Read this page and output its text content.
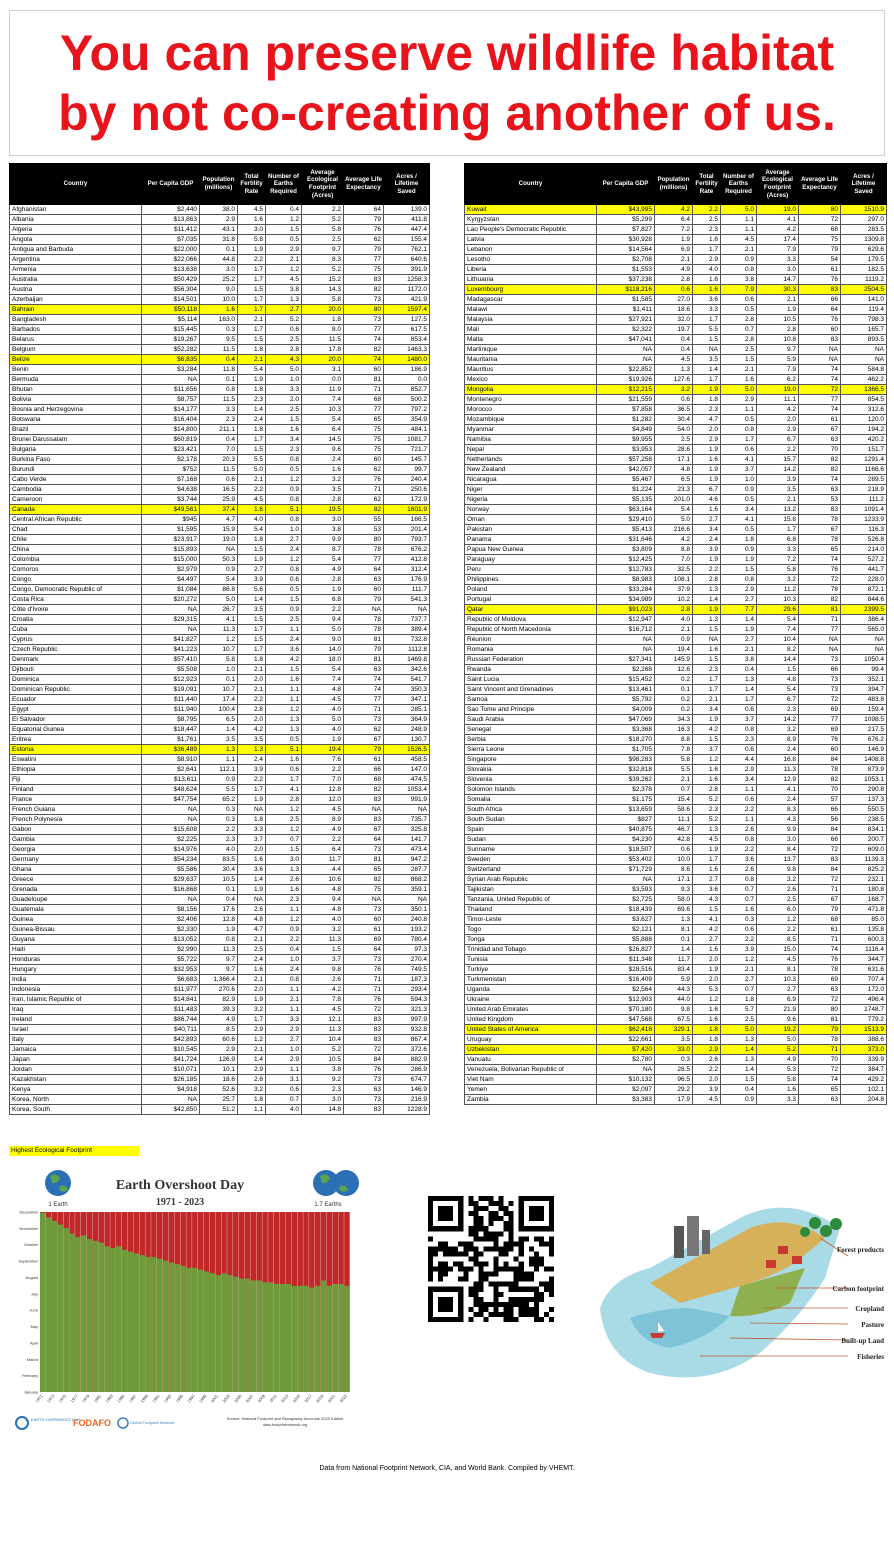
You can preserve wildlife habitat by not co-creating another of us.
Country	Per Capita GDP	Population (millions)	Total Fertility Rate	Number of Earths Required	Average Ecological Footprint (Acres)	Average Life Expectancy	Acres / Lifetime Saved
Afghanistan	$2,440	38.0	4.5	0.4	2.2	64	139.0
Albania	$13,863	2.9	1.6	1.2	5.2	79	411.8
Algeria	$11,412	43.1	3.0	1.5	5.8	76	447.4
Angola	$7,035	31.8	5.8	0.5	2.5	62	155.4
Antigua and Barbuda	$22,000	0.1	1.9	2.9	9.7	79	762.1
Argentina	$22,066	44.8	2.2	2.1	8.3	77	640.6
Armenia	$13,638	3.0	1.7	1.2	5.2	75	391.9
Australia	$50,429	25.2	1.7	4.5	15.2	83	1258.3
Austria	$56,304	9.0	1.5	3.8	14.3	82	1172.0
Azerbaijan	$14,501	10.0	1.7	1.3	5.8	73	421.9
Bahrain	$50,118	1.6	1.7	2.7	20.0	80	1597.4
Bangladesh	$5,114	163.0	2.1	5.2	1.8	73	127.5
Barbados	$15,445	0.3	1.7	0.6	8.0	77	617.5
Belarus	$19,267	9.5	1.5	2.5	11.5	74	853.4
Belgium	$52,282	11.5	1.8	2.8	17.8	82	1463.3
Belize	$6,835	0.4	2.1	4.3	20.0	74	1480.0
Benin	$3,284	11.8	5.4	5.0	3.1	60	186.9
Bermuda	NA	0.1	1.9	1.0	0.0	81	0.0
Bhutan	$11,656	0.8	1.8	3.3	11.9	71	852.7
Bolivia	$8,757	11.5	2.3	2.0	7.4	68	500.2
Bosnia and Herzegovina	$14,177	3.3	1.4	2.5	10.3	77	797.2
Botswana	$16,404	2.3	2.4	1.5	5.4	65	354.9
Brazil	$14,800	211.1	1.8	1.6	6.4	75	484.1
Brunei Darussalam	$60,819	0.4	1.7	3.4	14.5	75	1081.7
Bulgaria	$23,421	7.0	1.5	2.3	9.6	75	721.7
Burkina Faso	$2,178	20.3	5.5	0.8	2.4	60	145.7
Burundi	$752	11.5	5.0	0.5	1.6	62	99.7
Cabo Verde	$7,168	0.6	2.1	1.2	3.2	76	240.4
Cambodia	$4,638	16.5	2.2	0.9	3.5	71	250.6
Cameroon	$3,744	25.9	4.5	0.8	2.8	62	172.9
Canada	$49,561	37.4	1.6	5.1	19.5	82	1601.9
Central African Republic	$945	4.7	4.0	0.8	3.0	55	166.5
Chad	$1,595	15.9	5.4	1.0	3.8	53	201.4
Chile	$23,917	19.0	1.8	2.7	9.9	80	793.7
China	$15,893	NA	1.5	2.4	8.7	78	676.2
Colombia	$15,000	50.3	1.9	1.2	5.4	77	412.8
Comoros	$2,979	0.9	2.7	0.8	4.9	64	312.4
Congo	$4,497	5.4	3.9	0.6	2.8	63	176.9
Congo, Democratic Republic of	$1,084	86.8	5.6	0.5	1.9	60	111.7
Costa Rica	$20,272	5.0	1.4	1.5	6.8	79	541.3
Côte d'Ivoire	NA	26.7	3.5	0.9	2.2	NA	NA
Croatia	$29,315	4.1	1.5	2.5	9.4	78	737.7
Cuba	NA	11.3	1.7	1.1	5.0	78	389.4
Cyprus	$41,827	1.2	1.5	2.4	9.0	81	732.8
Czech Republic	$41,223	10.7	1.7	3.6	14.0	79	1112.8
Denmark	$57,410	5.8	1.8	4.2	18.0	81	1469.8
Djibouti	$5,508	1.0	2.1	1.5	5.4	63	342.6
Dominica	$12,923	0.1	2.0	1.6	7.4	74	541.7
Dominican Republic	$19,091	10.7	2.1	1.1	4.8	74	350.3
Ecuador	$11,440	17.4	2.2	1.1	4.5	77	347.1
Egypt	$11,940	100.4	2.8	1.2	4.0	71	285.1
El Salvador	$8,795	6.5	2.0	1.3	5.0	73	364.9
Equatorial Guinea	$18,447	1.4	4.2	1.3	4.0	62	248.9
Eritrea	$1,761	3.5	3.5	0.5	1.9	67	130.7
Estonia	$36,489	1.3	1.3	5.1	19.4	79	1526.5
Eswatini	$8,910	1.1	2.4	1.6	7.6	61	458.5
Ethiopia	$2,641	112.1	3.9	0.6	2.2	66	147.0
Fiji	$13,611	0.9	2.2	1.7	7.0	68	474.5
Finland	$48,624	5.5	1.7	4.1	12.8	82	1053.4
France	$47,754	65.2	1.9	2.8	12.0	83	991.9
French Guiana	NA	0.3	NA	1.2	4.5	NA	NA
French Polynesia	NA	0.3	1.8	2.5	8.9	83	735.7
Gabon	$15,608	2.2	3.3	1.2	4.9	67	325.8
Gambia	$2,225	2.3	3.7	0.7	2.2	64	141.7
Georgia	$14,976	4.0	2.0	1.5	6.4	73	473.4
Germany	$54,234	83.5	1.6	3.0	11.7	81	947.2
Ghana	$5,586	30.4	3.6	1.3	4.4	65	287.7
Greece	$29,637	10.5	1.4	2.6	10.6	82	868.2
Grenada	$16,868	0.1	1.9	1.6	4.8	75	359.1
Guadeloupe	NA	0.4	NA	2.3	9.4	NA	NA
Guatemala	$8,156	17.6	2.6	1.1	4.8	73	350.1
Guinea	$2,406	12.8	4.8	1.2	4.0	60	240.8
Guinea-Bissau	$2,330	1.9	4.7	0.9	3.2	61	193.2
Guyana	$13,052	0.8	2.1	2.2	11.3	69	780.4
Haiti	$2,990	11.3	2.5	0.4	1.5	64	97.3
Honduras	$5,722	9.7	2.4	1.0	3.7	73	270.4
Hungary	$32,953	9.7	1.6	2.4	9.8	76	749.5
India	$6,683	1,366.4	2.1	0.8	2.6	71	187.3
Indonesia	$11,977	270.6	2.0	1.1	4.2	71	293.4
Iran, Islamic Republic of	$14,841	82.9	1.9	2.1	7.8	76	594.3
Iraq	$11,483	39.3	3.2	1.1	4.5	72	321.3
Ireland	$86,744	4.9	1.7	3.3	12.1	83	997.9
Israel	$40,711	8.5	2.9	2.9	11.3	83	932.8
Italy	$42,893	60.6	1.2	2.7	10.4	83	867.4
Jamaica	$10,545	2.9	2.1	1.0	5.2	72	372.6
Japan	$41,724	126.9	1.4	2.9	10.5	84	882.9
Jordan	$10,071	10.1	2.9	1.1	3.8	76	286.9
Kazakhstan	$26,185	18.6	2.6	3.1	9.2	73	674.7
Kenya	$4,918	52.6	3.2	0.6	2.3	63	146.9
Korea, North	NA	25.7	1.8	0.7	3.0	73	216.9
Korea, South	$42,850	51.2	1.1	4.0	14.8	83	1228.9
Country	Per Capita GDP	Population (millions)	Total Fertility Rate	Number of Earths Required	Average Ecological Footprint (Acres)	Average Life Expectancy	Acres / Lifetime Saved
Kuwait	$43,995	4.2	2.2	5.0	19.0	80	1510.9
Kyrgyzstan	$5,299	6.4	2.5	1.1	4.1	72	297.0
Lao People's Democratic Republic	$7,827	7.2	2.3	1.1	4.2	68	283.5
Latvia	$30,928	1.9	1.6	4.5	17.4	75	1309.8
Lebanon	$14,564	6.9	1.7	2.1	7.9	79	629.6
Lesotho	$2,708	2.1	2.9	0.9	3.3	54	179.5
Liberia	$1,553	4.9	4.0	0.8	3.0	61	182.5
Lithuania	$37,238	2.8	1.6	3.8	14.7	76	1119.2
Luxembourg	$118,216	0.6	1.6	7.9	30.3	83	2504.5
Madagascar	$1,585	27.0	3.6	0.6	2.1	66	141.0
Malawi	$1,411	18.6	3.3	0.5	1.9	64	119.4
Malaysia	$27,921	32.0	1.7	2.8	10.5	76	798.3
Mali	$2,322	19.7	5.5	0.7	2.8	60	165.7
Malta	$47,041	0.4	1.5	2.8	10.8	83	893.5
Martinique	NA	0.4	NA	2.5	9.7	NA	NA
Mauritania	NA	4.5	3.5	1.5	5.9	NA	NA
Mauritius	$22,852	1.3	1.4	2.1	7.9	74	584.8
Mexico	$19,926	127.6	1.7	1.6	6.2	74	462.2
Mongolia	$12,215	3.2	1.9	5.0	19.0	72	1366.5
Montenegro	$21,559	0.6	1.8	2.9	11.1	77	854.5
Morocco	$7,858	36.5	2.3	1.1	4.2	74	312.6
Mozambique	$1,282	30.4	4.7	0.5	2.0	61	120.0
Myanmar	$4,849	54.0	2.0	0.8	2.9	67	194.2
Namibia	$9,955	2.5	2.9	1.7	6.7	63	420.2
Nepal	$3,953	28.6	1.9	0.6	2.2	70	151.7
Netherlands	$57,258	17.1	1.6	4.1	15.7	82	1291.4
New Zealand	$42,057	4.8	1.9	3.7	14.2	82	1166.6
Nicaragua	$5,467	6.5	1.9	1.0	3.9	74	289.5
Niger	$1,224	23.3	6.7	0.9	3.5	63	218.9
Nigeria	$5,135	201.0	4.6	0.5	2.1	53	111.2
Norway	$63,164	5.4	1.6	3.4	13.2	83	1091.4
Oman	$29,410	5.0	2.7	4.1	15.8	78	1233.9
Pakistan	$5,413	216.6	3.4	0.5	1.7	67	116.3
Panama	$31,646	4.2	2.4	1.8	6.8	78	526.8
Papua New Guinea	$3,809	8.8	3.9	0.9	3.3	65	214.0
Paraguay	$12,425	7.0	1.9	1.9	7.2	74	527.2
Peru	$12,783	32.5	2.2	1.5	5.8	76	441.7
Philippines	$8,983	108.1	2.8	0.8	3.2	72	228.0
Poland	$33,284	37.9	1.3	2.9	11.2	78	872.1
Portugal	$34,989	10.2	1.4	2.7	10.3	82	844.6
Qatar	$91,023	2.8	1.9	7.7	29.6	81	2399.5
Republic of Moldova	$12,947	4.0	1.3	1.4	5.4	71	386.4
Republic of North Macedonia	$16,712	2.1	1.5	1.9	7.4	77	565.0
Réunion	NA	0.9	NA	2.7	10.4	NA	NA
Romania	NA	19.4	1.6	2.1	8.2	NA	NA
Russian Federation	$27,341	145.9	1.5	3.8	14.4	73	1050.4
Rwanda	$2,268	12.6	2.3	0.4	1.5	66	99.4
Saint Lucia	$15,452	0.2	1.7	1.3	4.8	73	352.1
Saint Vincent and Grenadines	$13,461	0.1	1.7	1.4	5.4	73	394.7
Samoa	$5,792	0.2	2.1	1.7	6.7	72	483.8
Sao Tome and Principe	$4,009	0.2	3.4	0.6	2.3	69	159.4
Saudi Arabia	$47,069	34.3	1.9	3.7	14.2	77	1098.5
Senegal	$3,368	16.3	4.2	0.8	3.2	69	217.5
Serbia	$18,270	8.8	1.5	2.3	8.9	76	676.2
Sierra Leone	$1,705	7.8	3.7	0.6	2.4	60	146.9
Singapore	$98,283	5.8	1.2	4.4	16.8	84	1408.8
Slovakia	$32,818	5.5	1.6	2.9	11.3	78	873.9
Slovenia	$39,262	2.1	1.6	3.4	12.9	82	1053.1
Solomon Islands	$2,378	0.7	2.8	1.1	4.1	70	290.8
Somalia	$1,175	15.4	5.2	0.6	2.4	57	137.3
South Africa	$13,659	58.6	2.3	2.2	8.3	66	550.5
South Sudan	$827	11.1	5.2	1.1	4.3	56	238.5
Spain	$40,875	46.7	1.3	2.6	9.9	84	834.1
Sudan	$4,230	42.8	4.5	0.8	3.0	66	200.7
Suriname	$18,507	0.6	1.9	2.2	8.4	72	609.0
Sweden	$53,402	10.0	1.7	3.6	13.7	83	1139.3
Switzerland	$71,729	8.6	1.6	2.6	9.8	84	825.2
Syrian Arab Republic	NA	17.1	2.7	0.8	3.2	72	232.1
Tajikistan	$3,593	9.3	3.6	0.7	2.6	71	180.8
Tanzania, United Republic of	$2,725	58.0	4.3	0.7	2.5	67	168.7
Thailand	$18,439	69.6	1.5	1.6	6.0	79	471.8
Timor-Leste	$3,627	1.3	4.1	0.3	1.2	68	85.0
Togo	$2,121	8.1	4.2	0.6	2.2	61	135.8
Tonga	$5,888	0.1	2.7	2.2	8.5	71	600.3
Trinidad and Tobago	$26,827	1.4	1.6	3.9	15.0	74	1116.4
Tunisia	$11,348	11.7	2.0	1.2	4.5	76	344.7
Turkiye	$28,516	83.4	1.9	2.1	8.1	78	631.6
Turkmenistan	$16,409	5.9	2.0	2.7	10.3	69	707.4
Uganda	$2,564	44.3	5.3	0.7	2.7	63	172.0
Ukraine	$12,903	44.0	1.2	1.8	6.9	72	496.4
United Arab Emirates	$70,180	9.8	1.6	5.7	21.9	80	1748.7
United Kingdom	$47,568	67.5	1.6	2.5	9.6	81	779.2
United States of America	$62,418	329.1	1.8	5.0	19.2	79	1513.9
Uruguay	$22,661	3.5	1.8	1.3	5.0	78	388.6
Uzbekistan	$7,420	33.0	2.9	1.4	5.2	71	373.0
Vanuatu	$2,780	0.3	2.6	1.3	4.9	70	339.9
Venezuela, Bolivarian Republic of	NA	28.5	2.2	1.4	5.3	72	384.7
Viet Nam	$10,132	96.5	2.0	1.5	5.8	74	429.2
Yemen	$2,097	29.2	3.9	0.4	1.6	65	102.1
Zambia	$3,383	17.9	4.5	0.9	3.3	63	204.8
Highest Ecological Footprint
Earth Overshoot Day
1971 - 2023
1 Earth	1.7 Earths
December
November
October
September
August
July
June
May
April
March
February
January
1971 1973 1975 1977 1979 1981 1983 1985 1987 1989 1991 1993 1995 1997 1999 2001 2003 2005 2007 2009 2011 2013 2015 2017 2019 2021 2023
EARTH OVERSHOOT DAY
FODAFO	Global Footprint Network
Source: National Footprint and Biocapacity Accounts 2023 Edition
data.footprintnetwork.org
Forest products
Carbon footprint
Cropland
Pasture
Built-up Land
Fisheries
Data from National Footprint Network, CIA, and World Bank. Compiled by VHEMT.
